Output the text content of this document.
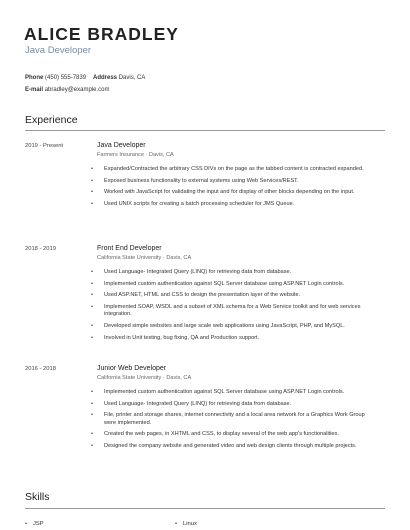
ALICE BRADLEY
Java Developer
Phone (450) 555-7839 Address Davis, CA
E-mail abradley@example.com
Experience
2019 - Present	Java Developer
Farmers Insurance · Davis, CA
• Expanded/Contracted the arbitrary CSS DIVs on the page as the tabbed content is contracted expanded.
• Exposed business functionality to external systems using Web Services/REST.
• Worked with JavaScript for validating the input and for display of other blocks depending on the input.
• Used UNIX scripts for creating a batch processing scheduler for JMS Queue.
2018 - 2019	Front End Developer
California State University · Davis, CA
• Used Language- Integrated Query (LINQ) for retrieving data from database.
• Implemented custom authentication against SQL Server database using ASP.NET Login controls.
• Used ASP.NET, HTML and CSS to design the presentation layer of the website.
• Implemented SOAP, WSDL and a subset of XML schema for a Web Service toolkit and for web services integration.
• Developed simple websites and large scale web applications using JavaScript, PHP, and MySQL.
• Involved in Unit testing, bug fixing, QA and Production support.
2016 - 2018	Junior Web Developer
California State University · Davis, CA
• Implemented custom authentication against SQL Server database using ASP.NET Login controls.
• Used Language- Integrated Query (LINQ) for retrieving data from database.
• File, printer and storage shares, internet connectivity and a local area network for a Graphics Work Group were implemented.
• Created the web pages, in XHTML and CSS, to display several of the web app's functionalities.
• Designed the company website and generated video and web design clients through multiple projects.
Skills
• JSP
•	Linux
